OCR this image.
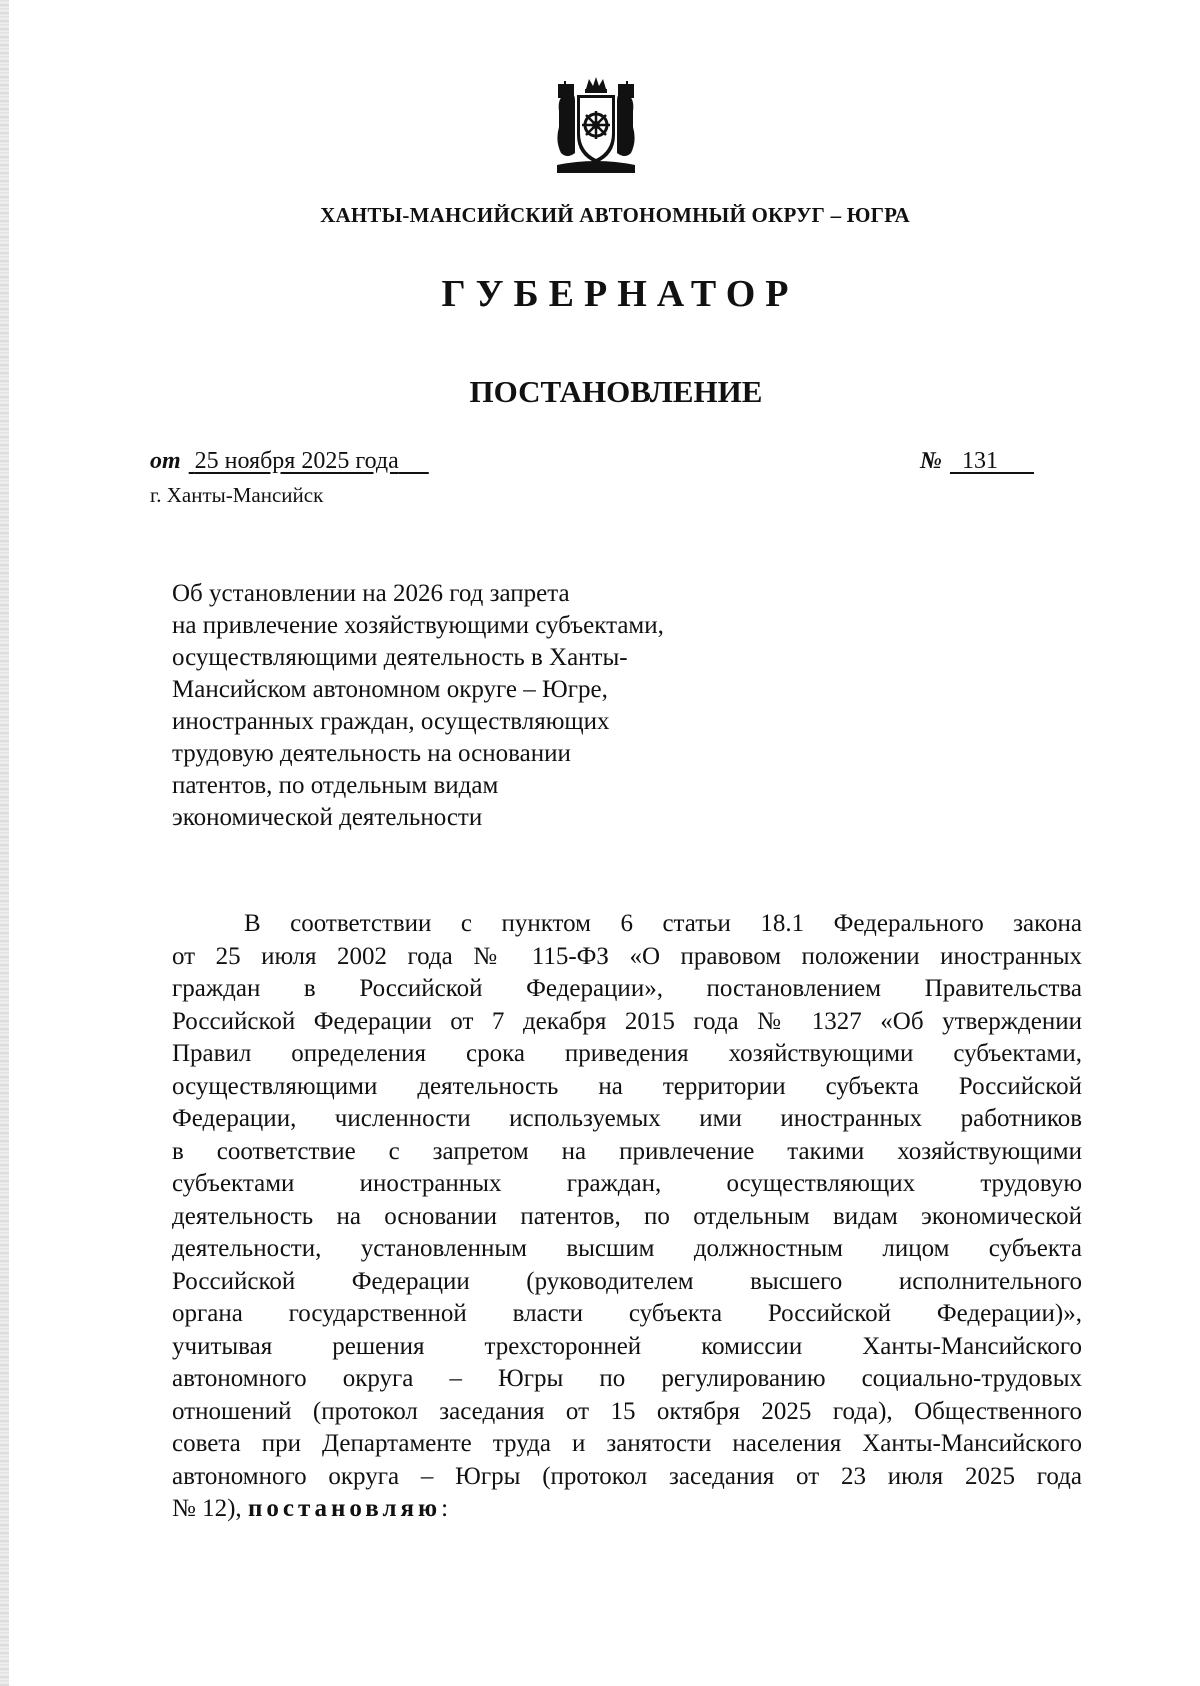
ХАНТЫ-МАНСИЙСКИЙ АВТОНОМНЫЙ ОКРУГ – ЮГРА
ГУБЕРНАТОР
ПОСТАНОВЛЕНИЕ
от 25 ноября 2025 года	№ 131
г. Ханты-Мансийск
Об установлении на 2026 год запрета
на привлечение хозяйствующими субъектами,
осуществляющими деятельность в Ханты-
Мансийском автономном округе – Югре,
иностранных граждан, осуществляющих
трудовую деятельность на основании
патентов, по отдельным видам
экономической деятельности
В соответствии с пунктом 6 статьи 18.1 Федерального закона
от 25 июля 2002 года № 115-ФЗ «О правовом положении иностранных
граждан в Российской Федерации», постановлением Правительства
Российской Федерации от 7 декабря 2015 года № 1327 «Об утверждении
Правил определения срока приведения хозяйствующими субъектами,
осуществляющими деятельность на территории субъекта Российской
Федерации, численности используемых ими иностранных работников
в соответствие с запретом на привлечение такими хозяйствующими
субъектами иностранных граждан, осуществляющих трудовую
деятельность на основании патентов, по отдельным видам экономической
деятельности, установленным высшим должностным лицом субъекта
Российской Федерации (руководителем высшего исполнительного
органа государственной власти субъекта Российской Федерации)»,
учитывая решения трехсторонней комиссии Ханты-Мансийского
автономного округа – Югры по регулированию социально-трудовых
отношений (протокол заседания от 15 октября 2025 года), Общественного
совета при Департаменте труда и занятости населения Ханты-Мансийского
автономного округа – Югры (протокол заседания от 23 июля 2025 года
№ 12), постановляю:
